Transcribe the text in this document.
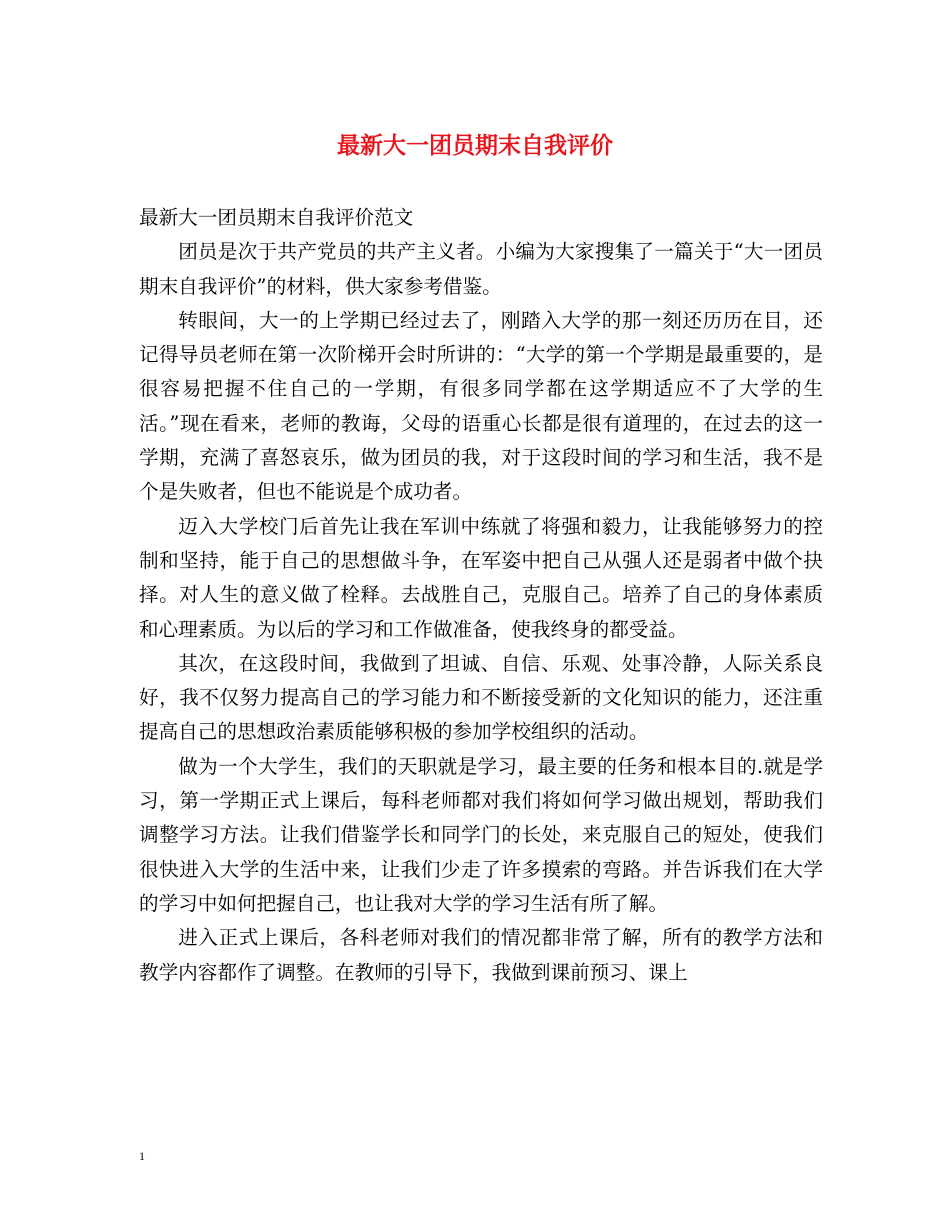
最新大一团员期末自我评价

最新大一团员期末自我评价范文

团员是次于共产党员的共产主义者。小编为大家搜集了一篇关于“大一团员期末自我评价”的材料，供大家参考借鉴。

转眼间，大一的上学期已经过去了，刚踏入大学的那一刻还历历在目，还记得导员老师在第一次阶梯开会时所讲的：“大学的第一个学期是最重要的，是很容易把握不住自己的一学期，有很多同学都在这学期适应不了大学的生活。”现在看来，老师的教诲，父母的语重心长都是很有道理的，在过去的这一学期，充满了喜怒哀乐，做为团员的我，对于这段时间的学习和生活，我不是个是失败者，但也不能说是个成功者。

迈入大学校门后首先让我在军训中练就了将强和毅力，让我能够努力的控制和坚持，能于自己的思想做斗争，在军姿中把自己从强人还是弱者中做个抉择。对人生的意义做了栓释。去战胜自己，克服自己。培养了自己的身体素质和心理素质。为以后的学习和工作做准备，使我终身的都受益。

其次，在这段时间，我做到了坦诚、自信、乐观、处事冷静，人际关系良好，我不仅努力提高自己的学习能力和不断接受新的文化知识的能力，还注重提高自己的思想政治素质能够积极的参加学校组织的活动。

做为一个大学生，我们的天职就是学习，最主要的任务和根本目的.就是学习，第一学期正式上课后，每科老师都对我们将如何学习做出规划，帮助我们调整学习方法。让我们借鉴学长和同学门的长处，来克服自己的短处，使我们很快进入大学的生活中来，让我们少走了许多摸索的弯路。并告诉我们在大学的学习中如何把握自己，也让我对大学的学习生活有所了解。

进入正式上课后，各科老师对我们的情况都非常了解，所有的教学方法和教学内容都作了调整。在教师的引导下，我做到课前预习、课上

1
